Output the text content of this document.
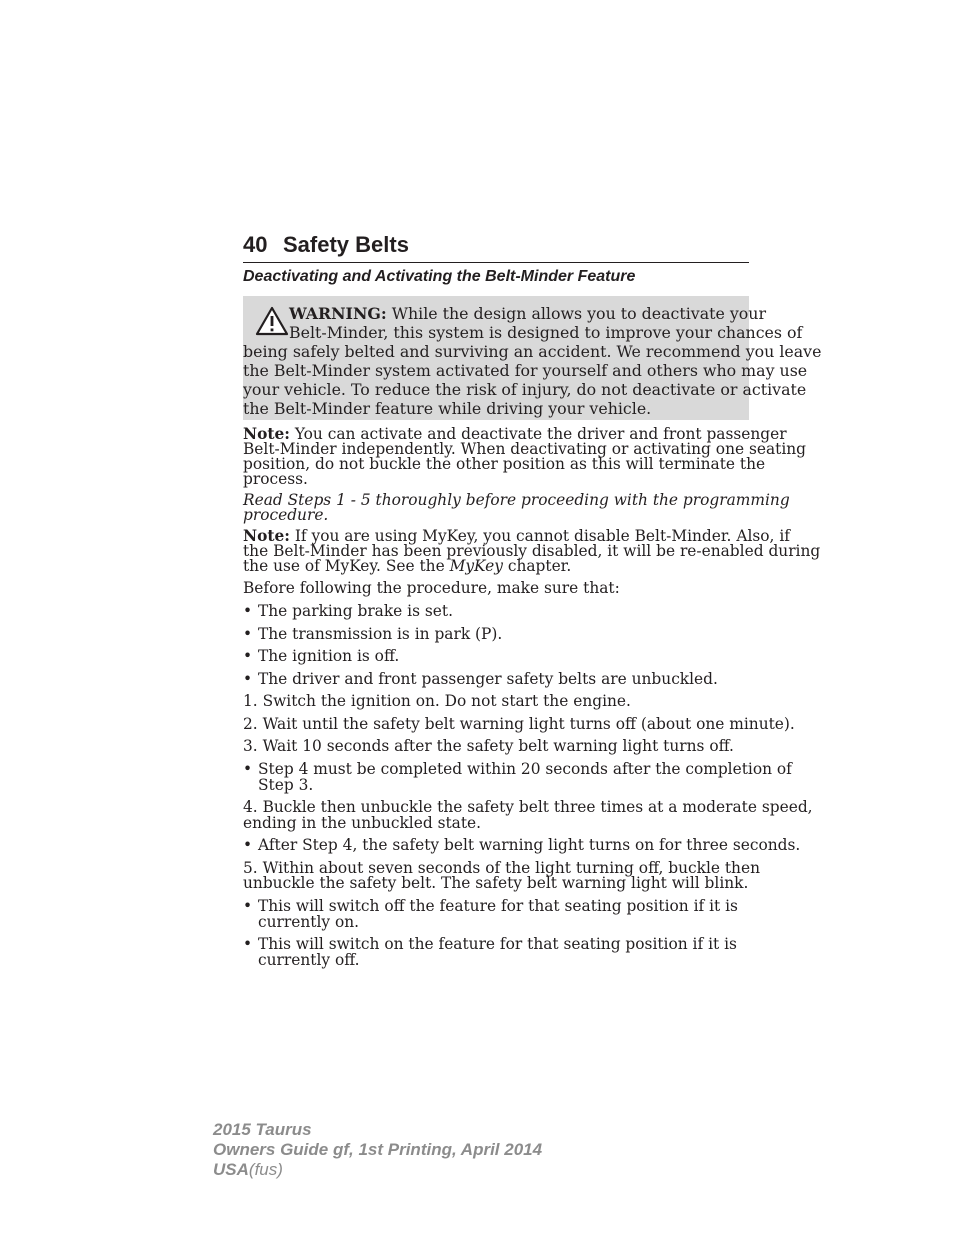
40 Safety Belts
Deactivating and Activating the Belt-Minder Feature
WARNING: While the design allows you to deactivate your
Belt-Minder, this system is designed to improve your chances of
being safely belted and surviving an accident. We recommend you leave
the Belt-Minder system activated for yourself and others who may use
your vehicle. To reduce the risk of injury, do not deactivate or activate
the Belt-Minder feature while driving your vehicle.
Note: You can activate and deactivate the driver and front passenger
Belt-Minder independently. When deactivating or activating one seating
position, do not buckle the other position as this will terminate the
process.
Read Steps 1 - 5 thoroughly before proceeding with the programming
procedure.
Note: If you are using MyKey, you cannot disable Belt-Minder. Also, if
the Belt-Minder has been previously disabled, it will be re-enabled during
the use of MyKey. See the MyKey chapter.
Before following the procedure, make sure that:
• The parking brake is set.
• The transmission is in park (P).
• The ignition is off.
• The driver and front passenger safety belts are unbuckled.
1. Switch the ignition on. Do not start the engine.
2. Wait until the safety belt warning light turns off (about one minute).
3. Wait 10 seconds after the safety belt warning light turns off.
• Step 4 must be completed within 20 seconds after the completion of
Step 3.
4. Buckle then unbuckle the safety belt three times at a moderate speed,
ending in the unbuckled state.
• After Step 4, the safety belt warning light turns on for three seconds.
5. Within about seven seconds of the light turning off, buckle then
unbuckle the safety belt. The safety belt warning light will blink.
• This will switch off the feature for that seating position if it is
currently on.
• This will switch on the feature for that seating position if it is
currently off.
2015 Taurus
Owners Guide gf, 1st Printing, April 2014
USA(fus)
